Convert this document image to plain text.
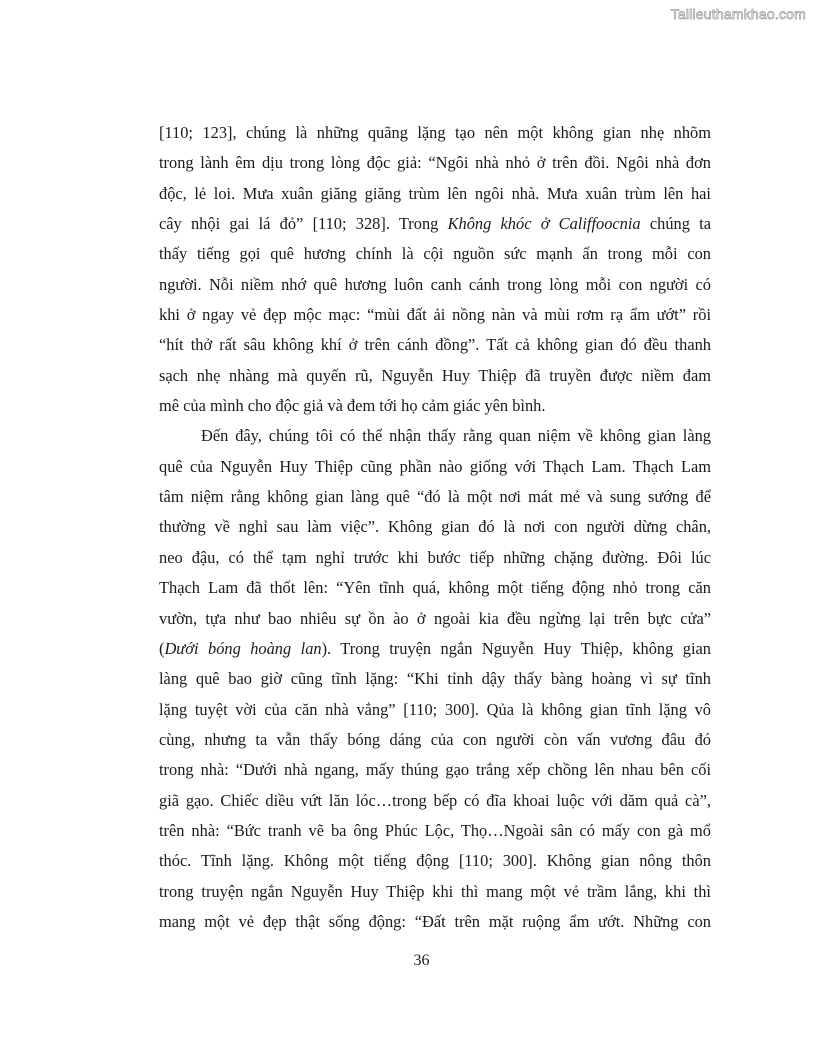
Tailieuthamkhao.com
[110; 123], chúng là những quãng lặng tạo nên một không gian nhẹ nhõm
trong lành êm dịu trong lòng độc giả: “Ngôi nhà nhỏ ở trên đồi. Ngôi nhà đơn
độc, lẻ loi. Mưa xuân giăng giăng trùm lên ngôi nhà. Mưa xuân trùm lên hai
cây nhội gai lá đỏ” [110; 328]. Trong Không khóc ở Califfoocnia chúng ta
thấy tiếng gọi quê hương chính là cội nguồn sức mạnh ẩn trong mỗi con
người. Nỗi niềm nhớ quê hương luôn canh cánh trong lòng mỗi con người có
khi ở ngay vẻ đẹp mộc mạc: “mùi đất ải nồng nàn và mùi rơm rạ ẩm ướt” rồi
“hít thở rất sâu không khí ở trên cánh đồng”. Tất cả không gian đó đều thanh
sạch nhẹ nhàng mà quyến rũ, Nguyễn Huy Thiệp đã truyền được niềm đam
mê của mình cho độc giả và đem tới họ cảm giác yên bình.
Đến đây, chúng tôi có thể nhận thấy rằng quan niệm về không gian làng
quê của Nguyễn Huy Thiệp cũng phần nào giống với Thạch Lam. Thạch Lam
tâm niệm rằng không gian làng quê “đó là một nơi mát mẻ và sung sướng để
thường về nghỉ sau làm việc”. Không gian đó là nơi con người dừng chân,
neo đậu, có thể tạm nghỉ trước khi bước tiếp những chặng đường. Đôi lúc
Thạch Lam đã thốt lên: “Yên tĩnh quá, không một tiếng động nhỏ trong căn
vườn, tựa như bao nhiêu sự ồn ào ở ngoài kia đều ngừng lại trên bực cửa”
(Dưới bóng hoàng lan). Trong truyện ngắn Nguyễn Huy Thiệp, không gian
làng quê bao giờ cũng tĩnh lặng: “Khi tỉnh dậy thấy bàng hoàng vì sự tĩnh
lặng tuyệt vời của căn nhà vắng” [110; 300]. Qủa là không gian tĩnh lặng vô
cùng, nhưng ta vẫn thấy bóng dáng của con người còn vấn vương đâu đó
trong nhà: “Dưới nhà ngang, mấy thúng gạo trắng xếp chồng lên nhau bên cối
giã gạo. Chiếc diều vứt lăn lóc…trong bếp có đĩa khoai luộc với dăm quả cà”,
trên nhà: “Bức tranh vẽ ba ông Phúc Lộc, Thọ…Ngoài sân có mấy con gà mổ
thóc. Tĩnh lặng. Không một tiếng động [110; 300]. Không gian nông thôn
trong truyện ngắn Nguyễn Huy Thiệp khi thì mang một vẻ trầm lắng, khi thì
mang một vẻ đẹp thật sống động: “Đất trên mặt ruộng ẩm ướt. Những con
36
